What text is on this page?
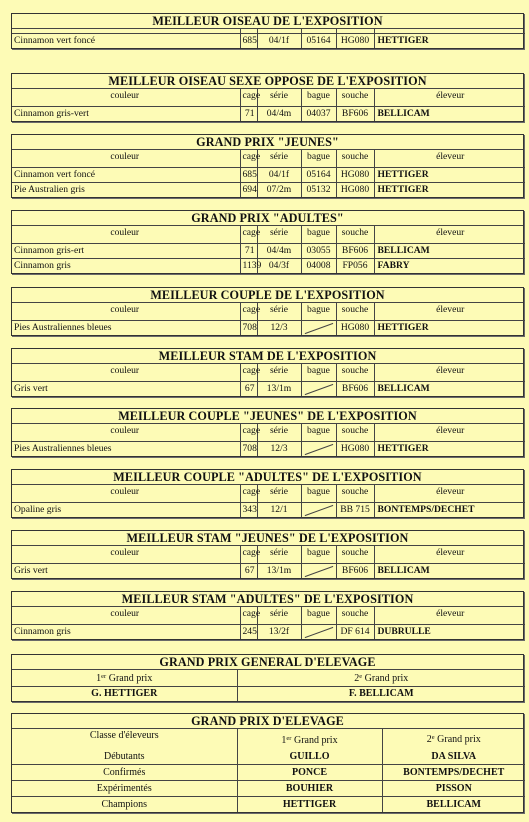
MEILLEUR OISEAU DE L'EXPOSITION

Cinnamon vert foncé	685	04/1f	05164	HG080	HETTIGER
MEILLEUR OISEAU SEXE OPPOSE DE L'EXPOSITION
couleur	cage	série	bague	souche	éleveur
Cinnamon gris-vert	71	04/4m	04037	BF606	BELLICAM
GRAND PRIX "JEUNES"
couleur	cage	série	bague	souche	éleveur
Cinnamon vert foncé	685	04/1f	05164	HG080	HETTIGER
Pie Australien gris	694	07/2m	05132	HG080	HETTIGER
GRAND PRIX "ADULTES"
couleur	cage	série	bague	souche	éleveur
Cinnamon gris-ert	71	04/4m	03055	BF606	BELLICAM
Cinnamon gris	1139	04/3f	04008	FP056	FABRY
MEILLEUR COUPLE DE L'EXPOSITION
couleur	cage	série	bague	souche	éleveur
Pies Australiennes bleues	708	12/3		HG080	HETTIGER
MEILLEUR STAM DE L'EXPOSITION
couleur	cage	série	bague	souche	éleveur
Gris vert	67	13/1m		BF606	BELLICAM
MEILLEUR COUPLE "JEUNES" DE L'EXPOSITION
couleur	cage	série	bague	souche	éleveur
Pies Australiennes bleues	708	12/3		HG080	HETTIGER
MEILLEUR COUPLE "ADULTES" DE L'EXPOSITION
couleur	cage	série	bague	souche	éleveur
Opaline gris	343	12/1		BB 715	BONTEMPS/DECHET
MEILLEUR STAM "JEUNES" DE L'EXPOSITION
couleur	cage	série	bague	souche	éleveur
Gris vert	67	13/1m		BF606	BELLICAM
MEILLEUR STAM "ADULTES" DE L'EXPOSITION
couleur	cage	série	bague	souche	éleveur
Cinnamon gris	245	13/2f		DF 614	DUBRULLE
GRAND PRIX GENERAL D'ELEVAGE
1er Grand prix	2e Grand prix
G. HETTIGER	F. BELLICAM
GRAND PRIX D'ELEVAGE
Classe d'éleveurs	1er Grand prix	2e Grand prix
Débutants	GUILLO	DA SILVA
Confirmés	PONCE	BONTEMPS/DECHET
Expérimentés	BOUHIER	PISSON
Champions	HETTIGER	BELLICAM
